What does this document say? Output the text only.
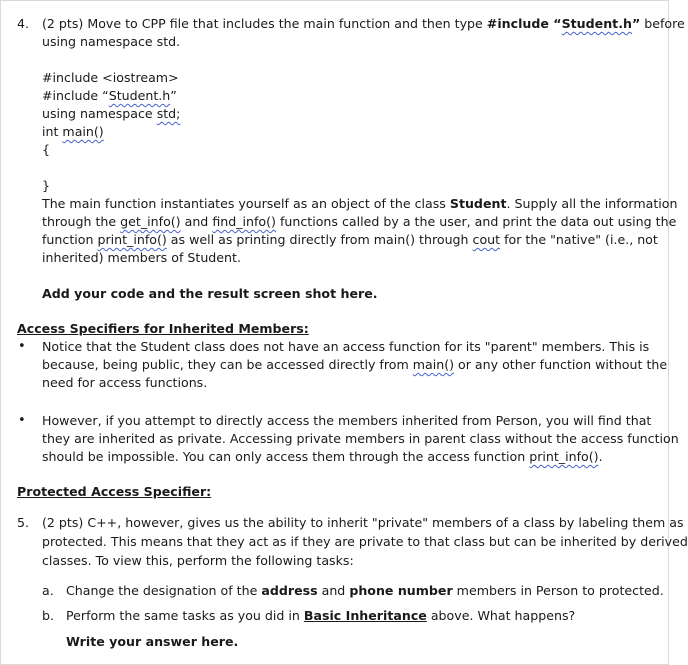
4. (2 pts) Move to CPP file that includes the main function and then type #include “Student.h” before
using namespace std.
#include <iostream>
#include “Student.h”
using namespace std;
int main()
{
}
The main function instantiates yourself as an object of the class Student. Supply all the information
through the get_info() and find_info() functions called by a the user, and print the data out using the
function print_info() as well as printing directly from main() through cout for the "native" (i.e., not
inherited) members of Student.
Add your code and the result screen shot here.
Access Specifiers for Inherited Members:
• Notice that the Student class does not have an access function for its "parent" members. This is
because, being public, they can be accessed directly from main() or any other function without the
need for access functions.
• However, if you attempt to directly access the members inherited from Person, you will find that
they are inherited as private. Accessing private members in parent class without the access function
should be impossible. You can only access them through the access function print_info().
Protected Access Specifier:
5. (2 pts) C++, however, gives us the ability to inherit "private" members of a class by labeling them as
protected. This means that they act as if they are private to that class but can be inherited by derived
classes. To view this, perform the following tasks:
a. Change the designation of the address and phone number members in Person to protected.
b. Perform the same tasks as you did in Basic Inheritance above. What happens?
Write your answer here.
